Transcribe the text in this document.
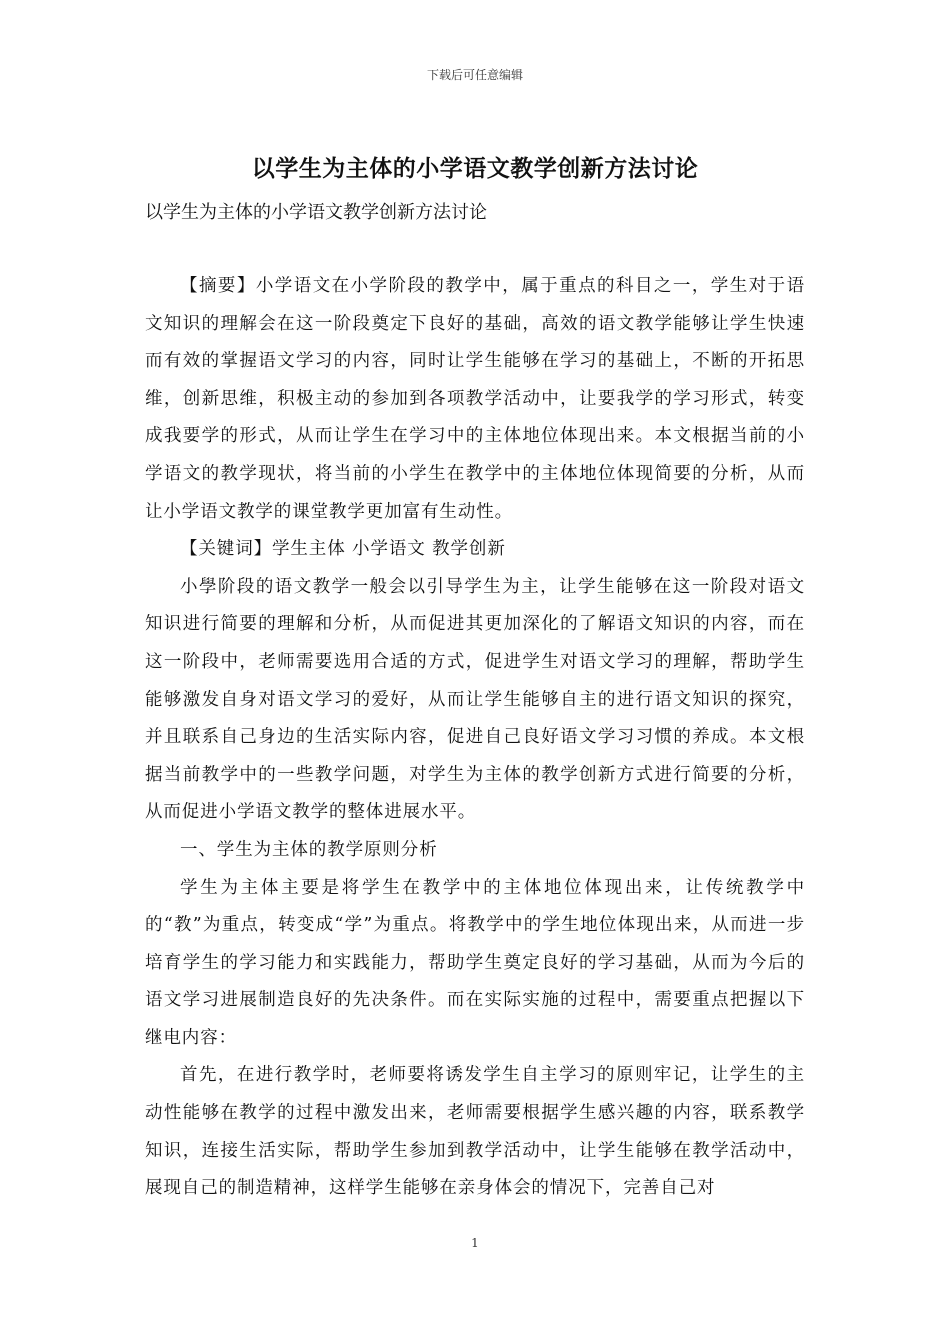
下载后可任意编辑
以学生为主体的小学语文教学创新方法讨论
以学生为主体的小学语文教学创新方法讨论

【摘要】小学语文在小学阶段的教学中，属于重点的科目之一，学生对于语文知识的理解会在这一阶段奠定下良好的基础，高效的语文教学能够让学生快速而有效的掌握语文学习的内容，同时让学生能够在学习的基础上，不断的开拓思维，创新思维，积极主动的参加到各项教学活动中，让要我学的学习形式，转变成我要学的形式，从而让学生在学习中的主体地位体现出来。本文根据当前的小学语文的教学现状，将当前的小学生在教学中的主体地位体现简要的分析，从而让小学语文教学的课堂教学更加富有生动性。

【关键词】学生主体 小学语文 教学创新

小學阶段的语文教学一般会以引导学生为主，让学生能够在这一阶段对语文知识进行简要的理解和分析，从而促进其更加深化的了解语文知识的内容，而在这一阶段中，老师需要选用合适的方式，促进学生对语文学习的理解，帮助学生能够激发自身对语文学习的爱好，从而让学生能够自主的进行语文知识的探究，并且联系自己身边的生活实际内容，促进自己良好语文学习习惯的养成。本文根据当前教学中的一些教学问题，对学生为主体的教学创新方式进行简要的分析，从而促进小学语文教学的整体进展水平。

一、学生为主体的教学原则分析

学生为主体主要是将学生在教学中的主体地位体现出来，让传统教学中的“教”为重点，转变成“学”为重点。将教学中的学生地位体现出来，从而进一步培育学生的学习能力和实践能力，帮助学生奠定良好的学习基础，从而为今后的语文学习进展制造良好的先决条件。而在实际实施的过程中，需要重点把握以下继电内容：

首先，在进行教学时，老师要将诱发学生自主学习的原则牢记，让学生的主动性能够在教学的过程中激发出来，老师需要根据学生感兴趣的内容，联系教学知识，连接生活实际，帮助学生参加到教学活动中，让学生能够在教学活动中，展现自己的制造精神，这样学生能够在亲身体会的情况下，完善自己对

1
